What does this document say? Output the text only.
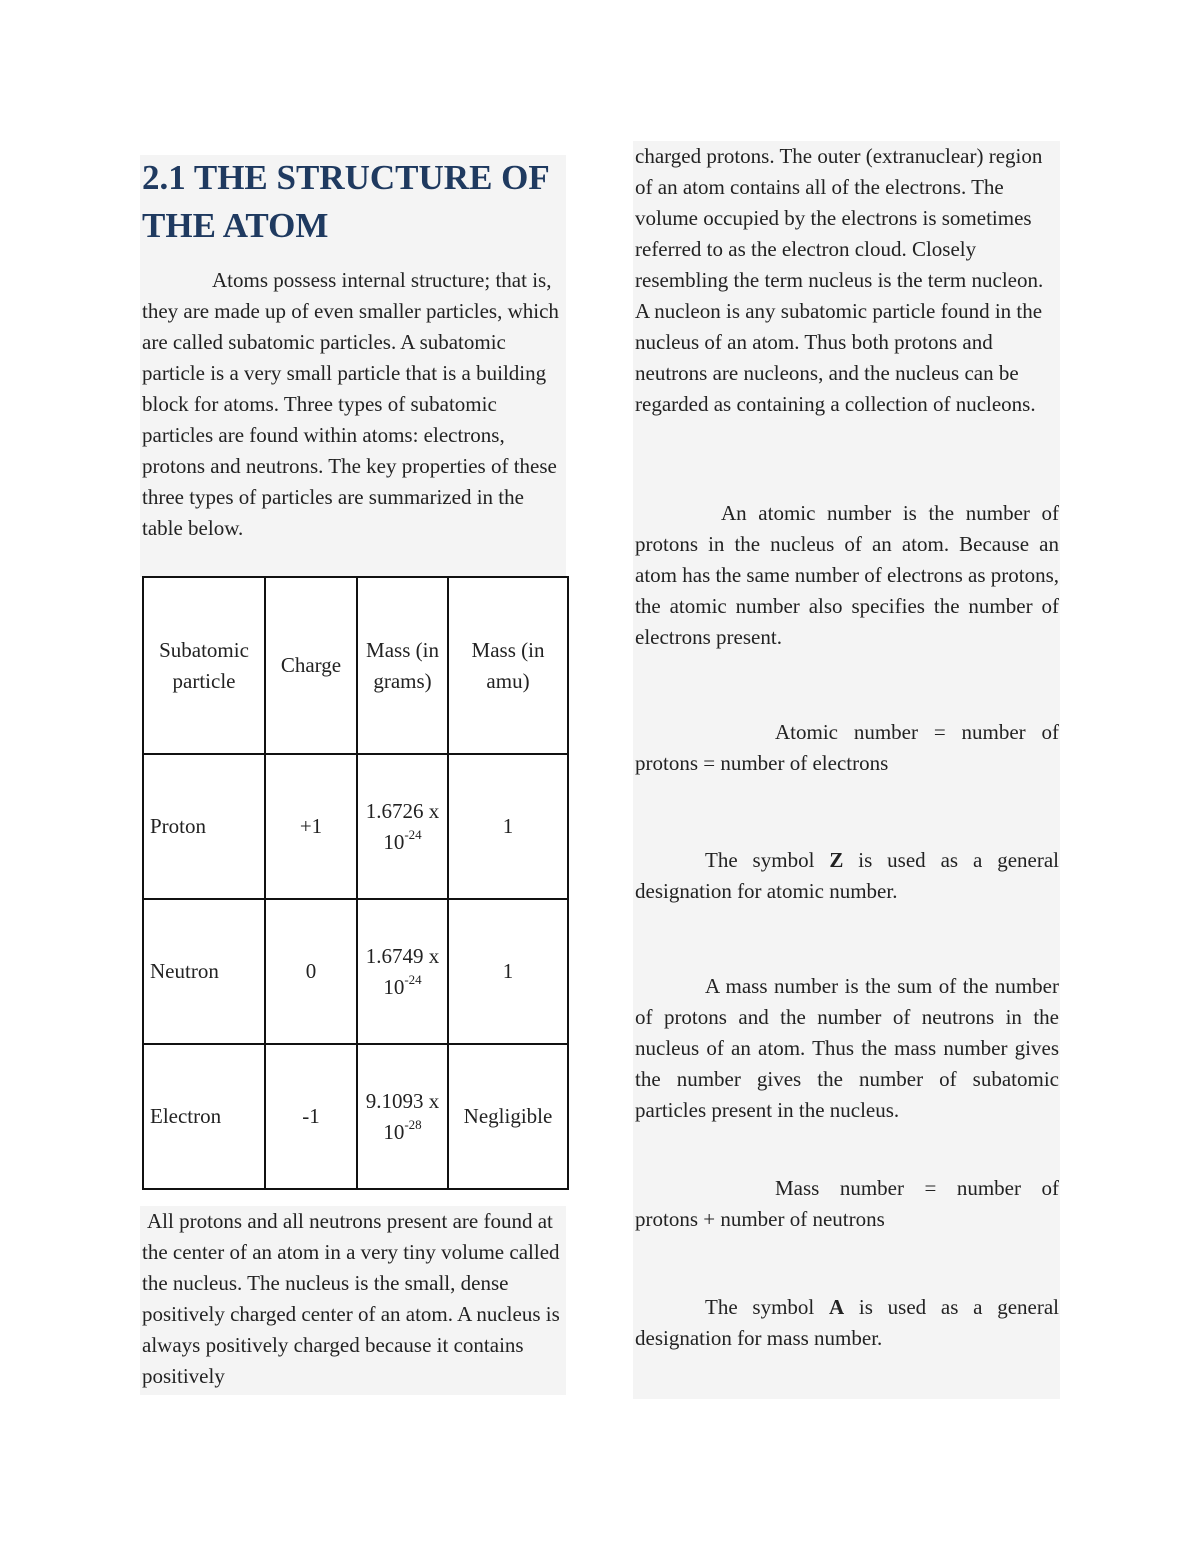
2.1 THE STRUCTURE OF THE ATOM

Atoms possess internal structure; that is, they are made up of even smaller particles, which are called subatomic particles. A subatomic particle is a very small particle that is a building block for atoms. Three types of subatomic particles are found within atoms: electrons, protons and neutrons. The key properties of these three types of particles are summarized in the table below.

Subatomic particle	Charge	Mass (in grams)	Mass (in amu)
Proton	+1	1.6726 x $10^{-24}$	1
Neutron	0	1.6749 x $10^{-24}$	1
Electron	-1	9.1093 x $10^{-28}$	Negligible

All protons and all neutrons present are found at the center of an atom in a very tiny volume called the nucleus. The nucleus is the small, dense positively charged center of an atom. A nucleus is always positively charged because it contains positively

charged protons. The outer (extranuclear) region of an atom contains all of the electrons. The volume occupied by the electrons is sometimes referred to as the electron cloud. Closely resembling the term nucleus is the term nucleon. A nucleon is any subatomic particle found in the nucleus of an atom. Thus both protons and neutrons are nucleons, and the nucleus can be regarded as containing a collection of nucleons.

An atomic number is the number of protons in the nucleus of an atom. Because an atom has the same number of electrons as protons, the atomic number also specifies the number of electrons present.

Atomic number = number of protons = number of electrons

The symbol Z is used as a general designation for atomic number.

A mass number is the sum of the number of protons and the number of neutrons in the nucleus of an atom. Thus the mass number gives the number gives the number of subatomic particles present in the nucleus.

Mass number = number of protons + number of neutrons

The symbol A is used as a general designation for mass number.
